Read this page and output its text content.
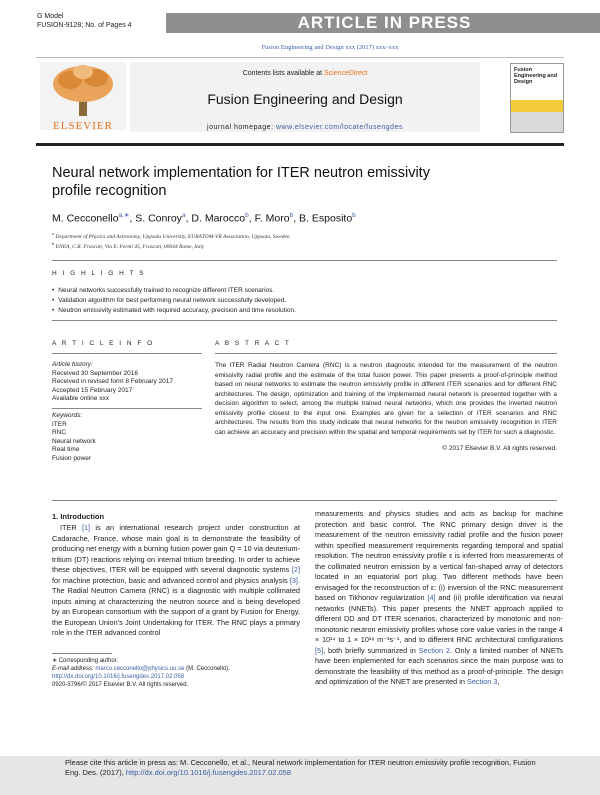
G Model
FUSION-9128; No. of Pages 4	ARTICLE IN PRESS
Fusion Engineering and Design xxx (2017) xxx–xxx
ELSEVIER
Contents lists available at ScienceDirect
Fusion Engineering and Design
journal homepage: www.elsevier.com/locate/fusengdes
Fusion Engineering and Design
Neural network implementation for ITER neutron emissivity profile recognition
M. Cecconello$^{a,∗}$, S. Conroy$^a$, D. Marocco$^b$, F. Moro$^b$, B. Esposito$^b$
$^a$ Department of Physics and Astronomy, Uppsala University, EURATOM-VR Association, Uppsala, Sweden
$^b$ ENEA, C.R. Frascati, Via E. Fermi 45, Frascati, 00044 Rome, Italy
H I G H L I G H T S
• Neural networks successfully trained to recognize different ITER scenarios.
• Validation algorithm for best performing neural network successfully developed.
• Neutron emissivity estimated with required accuracy, precision and time resolution.
A R T I C L E I N F O	A B S T R A C T
Article history:
Received 30 September 2016
Received in revised form 8 February 2017
Accepted 15 February 2017
Available online xxx
Keywords:
ITER
RNC
Neural network
Real time
Fusion power
The ITER Radial Neutron Camera (RNC) is a neutron diagnostic intended for the measurement of the neutron emissivity radial profile and the estimate of the total fusion power. This paper presents a proof-of-principle method based on neural networks to estimate the neutron emissivity profile in different ITER scenarios and for different RNC architectures. The design, optimization and training of the implemented neural network is presented together with a decision algorithm to select, among the multiple trained neural networks, which one provides the inverted neutron emissivity profile closest to the input one. Examples are given for a selection of ITER scenarios and RNC architectures. The results from this study indicate that neural networks for the neutron emissivity recognition in ITER can achieve an accuracy and precision within the spatial and temporal requirements set by ITER for such a diagnostic.
© 2017 Elsevier B.V. All rights reserved.
1. Introduction
ITER [1] is an international research project under construction at Cadarache, France, whose main goal is to demonstrate the feasibility of producing net energy with a burning fusion power gain Q = 10 via deuterium-tritium (DT) reactions relying on internal tritium breeding. In order to achieve these objectives, ITER will be equipped with several diagnostic systems [2] for machine protection, basic and advanced control and physics analysis [3]. The Radial Neutron Camera (RNC) is a diagnostic with multiple collimated inputs aiming at characterizing the neutron source and is being developed by an European consortium with the support of a grant by Fusion for Energy, the European Union's Joint Undertaking for ITER. The RNC plays a primary role in the ITER advanced control
measurements and physics studies and acts as backup for machine protection and basic control. The RNC primary design driver is the measurement of the neutron emissivity radial profile and the fusion power within specified measurement requirements regarding temporal and spatial resolution. The neutron emissivity profile ε is inferred from measurements of the collimated neutron emission by a vertical fan-shaped array of detectors located in an equatorial port plug. Two different methods have been envisaged for the reconstruction of ε: (i) inversion of the RNC measurement based on Tikhonov regularization [4] and (ii) profile identification via neural networks (NNETs). This paper presents the NNET approach applied to different DD and DT ITER scenarios, characterized by monotonic and non-monotonic neutron emissivity profiles whose core value varies in the range 4 × 10¹⁴ to 1 × 10¹⁸ m⁻³s⁻¹, and to different RNC architectural configurations [5], both briefly summarized in Section 2. Only a limited number of NNETs have been implemented for each scenarios since the main purpose was to demonstrate the feasibility of this method as a proof-of-principle. The design and optimization of the NNET are presented in Section 3,
∗ Corresponding author.
E-mail address: marco.cecconello@physics.uu.se (M. Cecconello).
http://dx.doi.org/10.1016/j.fusengdes.2017.02.058
0920-3796/© 2017 Elsevier B.V. All rights reserved.
Please cite this article in press as: M. Cecconello, et al., Neural network implementation for ITER neutron emissivity profile recognition, Fusion Eng. Des. (2017), http://dx.doi.org/10.1016/j.fusengdes.2017.02.058
